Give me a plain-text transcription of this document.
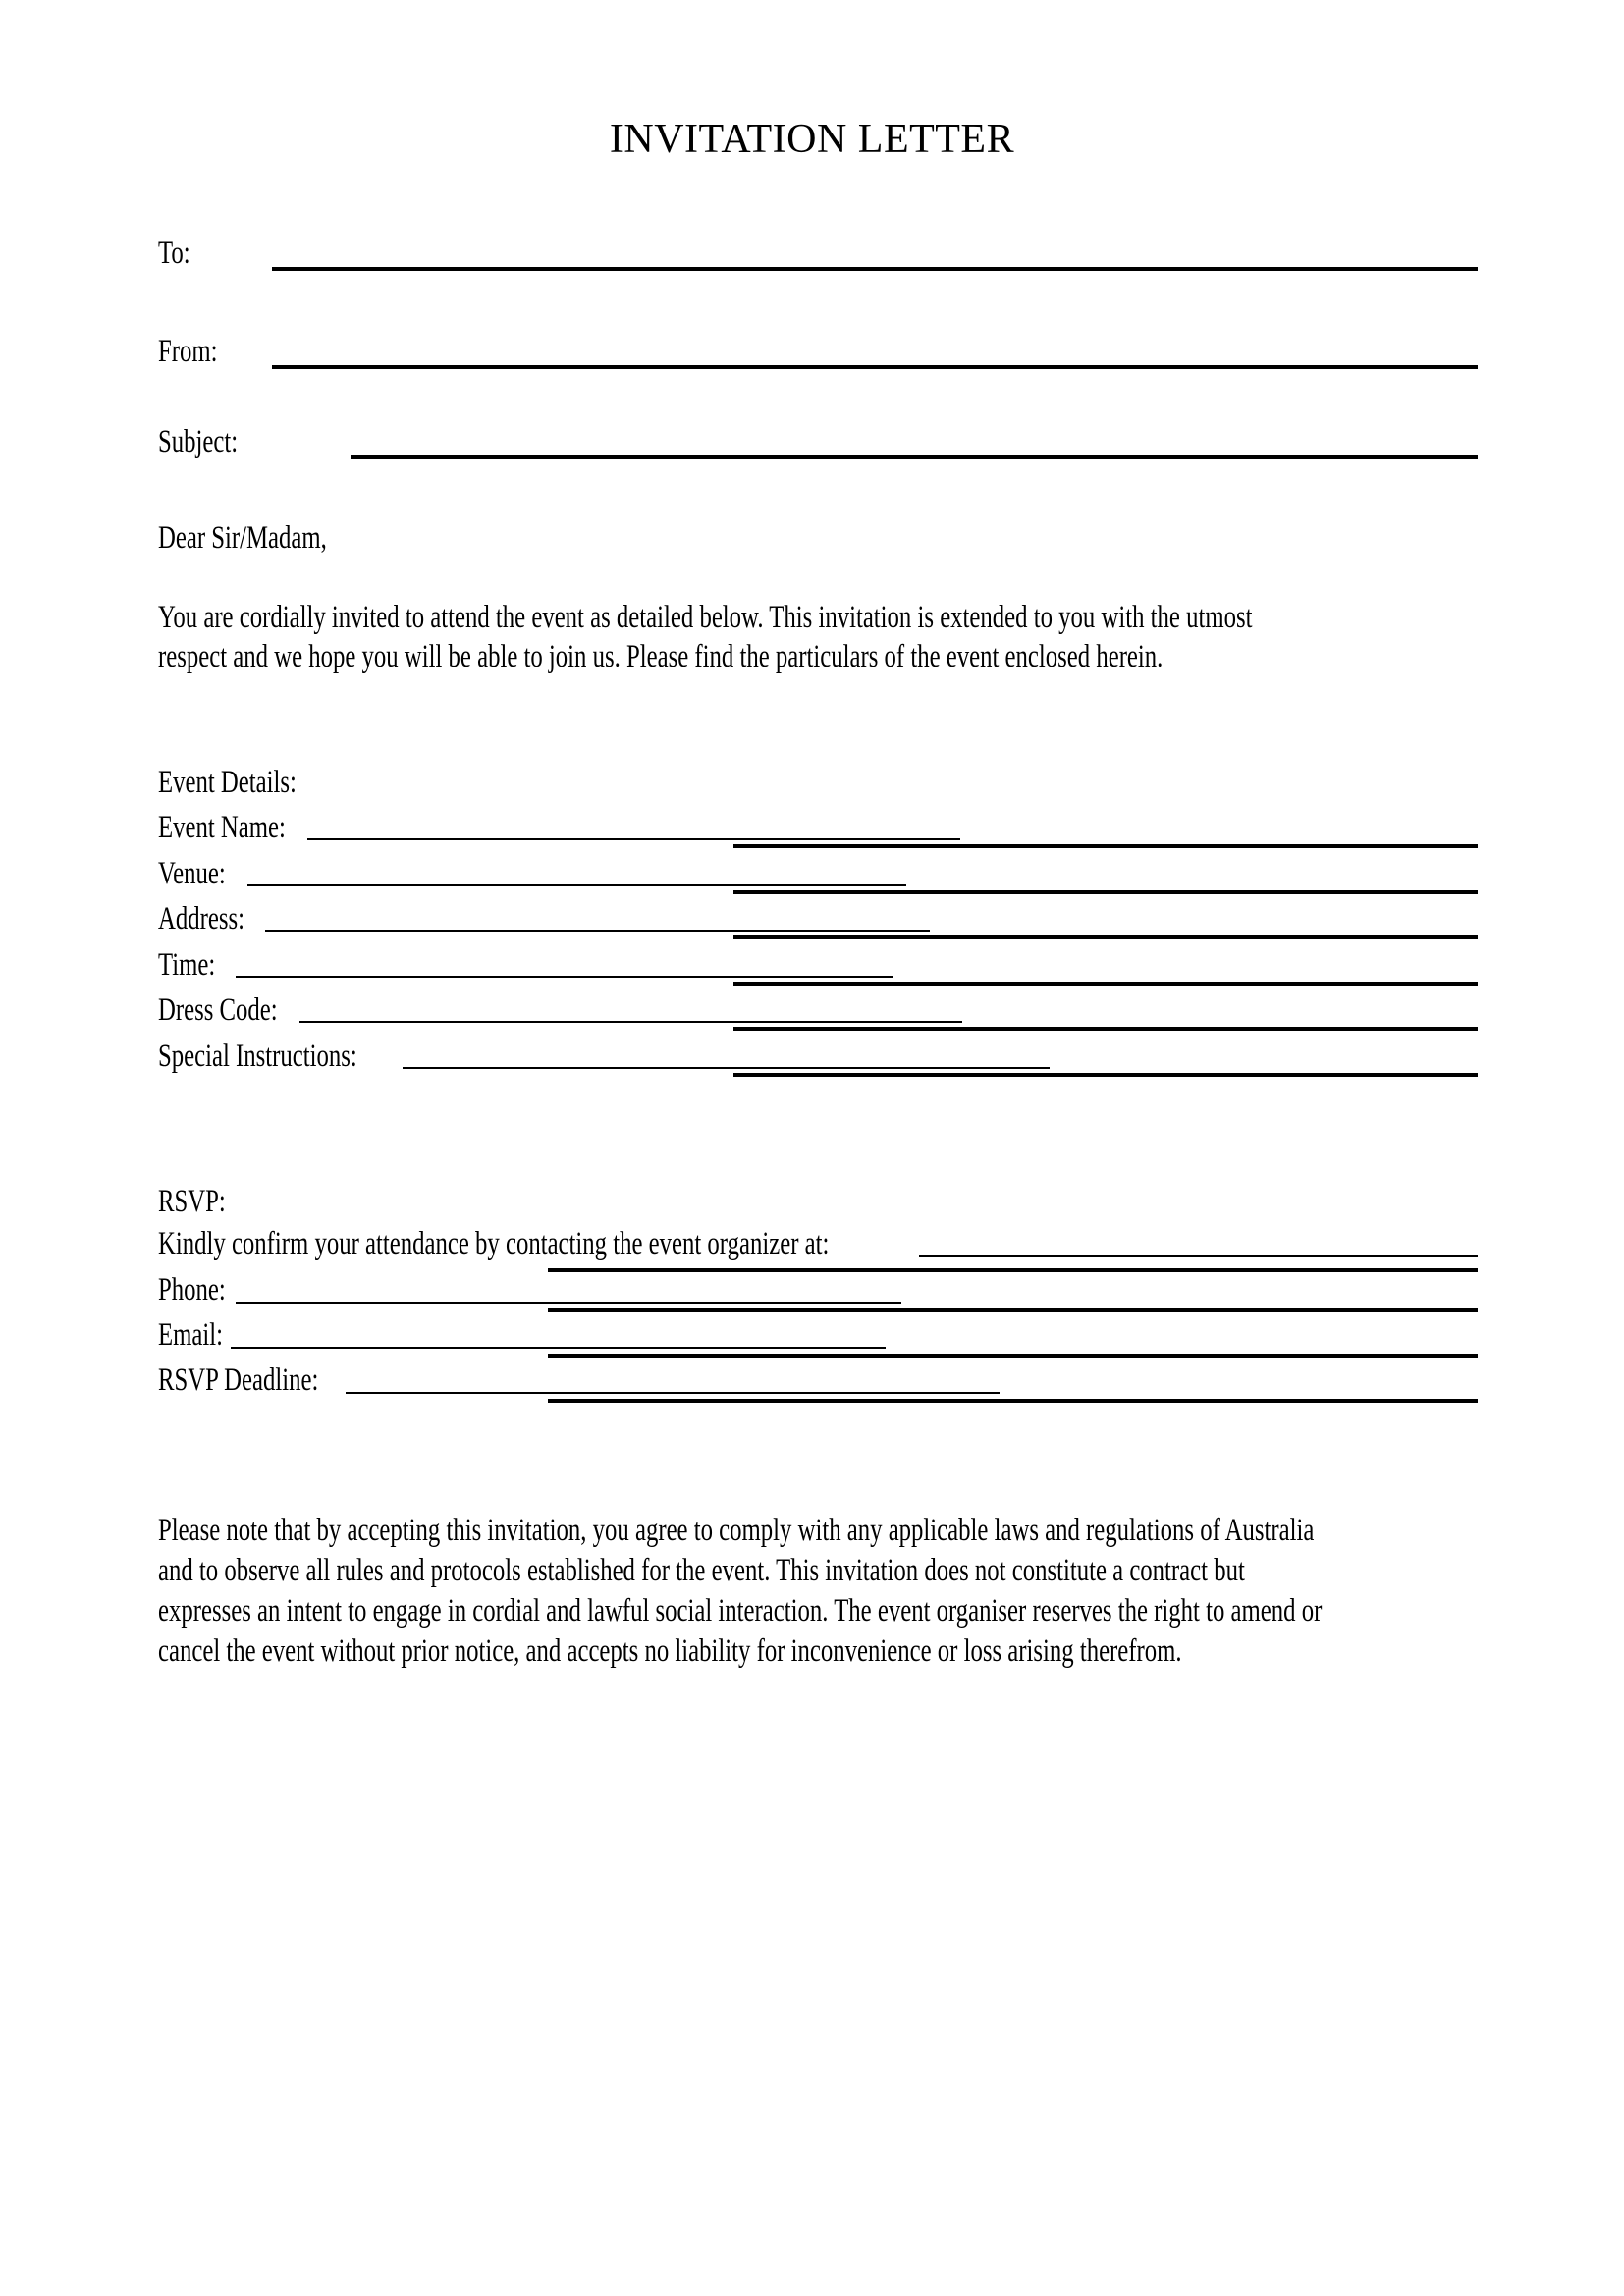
INVITATION LETTER
To:
From:
Subject:
Dear Sir/Madam,
You are cordially invited to attend the event as detailed below. This invitation is extended to you with the utmost
respect and we hope you will be able to join us. Please find the particulars of the event enclosed herein.
Event Details:
Event Name:
Venue:
Address:
Time:
Dress Code:
Special Instructions:
RSVP:
Kindly confirm your attendance by contacting the event organizer at:
Phone:
Email:
RSVP Deadline:
Please note that by accepting this invitation, you agree to comply with any applicable laws and regulations of Australia
and to observe all rules and protocols established for the event. This invitation does not constitute a contract but
expresses an intent to engage in cordial and lawful social interaction. The event organiser reserves the right to amend or
cancel the event without prior notice, and accepts no liability for inconvenience or loss arising therefrom.
